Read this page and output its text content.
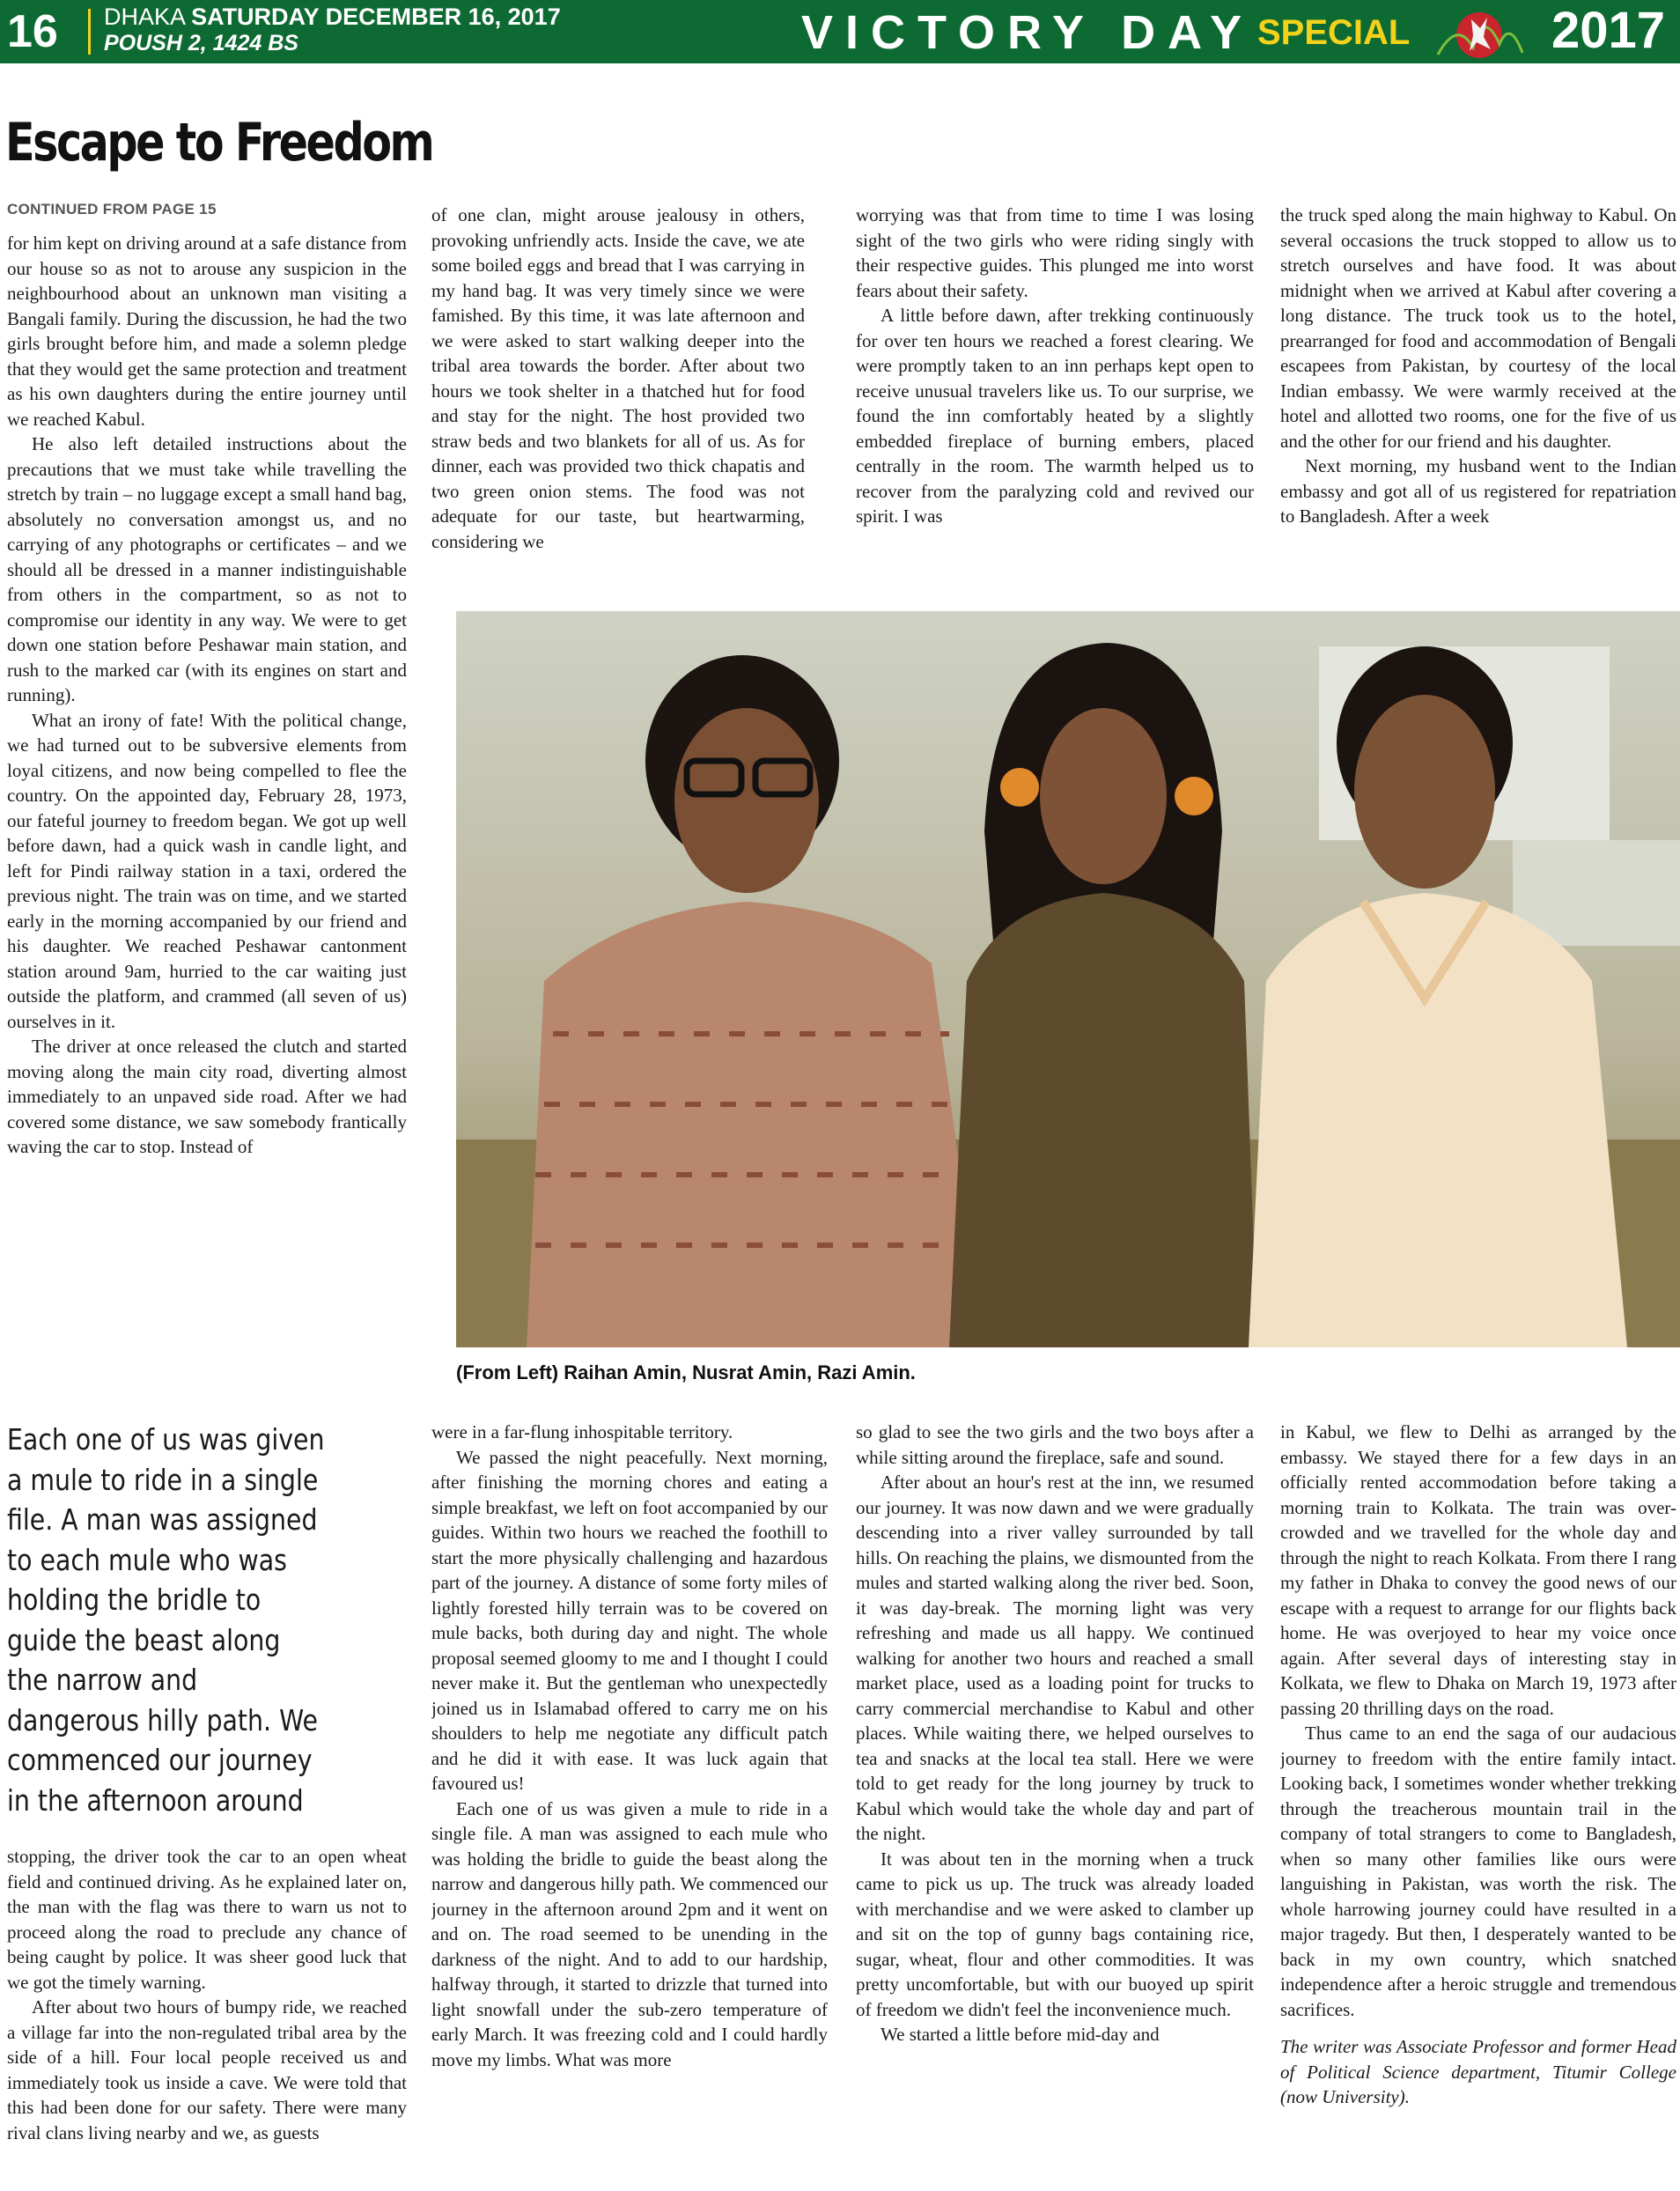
16 DHAKA SATURDAY DECEMBER 16, 2017
POUSH 2, 1424 BS	VICTORY DAY SPECIAL	2017
Escape to Freedom
CONTINUED FROM PAGE 15

for him kept on driving around at a safe distance from our house so as not to arouse any suspicion in the neighbourhood about an unknown man visiting a Bangali family. During the discussion, he had the two girls brought before him, and made a solemn pledge that they would get the same protection and treatment as his own daughters during the entire journey until we reached Kabul.

He also left detailed instructions about the precautions that we must take while travelling the stretch by train – no luggage except a small hand bag, absolutely no conversation amongst us, and no carrying of any photographs or certificates – and we should all be dressed in a manner indistinguishable from others in the compartment, so as not to compromise our identity in any way. We were to get down one station before Peshawar main station, and rush to the marked car (with its engines on start and running).

What an irony of fate! With the political change, we had turned out to be subversive elements from loyal citizens, and now being compelled to flee the country. On the appointed day, February 28, 1973, our fateful journey to freedom began. We got up well before dawn, had a quick wash in candle light, and left for Pindi railway station in a taxi, ordered the previous night. The train was on time, and we started early in the morning accompanied by our friend and his daughter. We reached Peshawar cantonment station around 9am, hurried to the car waiting just outside the platform, and crammed (all seven of us) ourselves in it.

The driver at once released the clutch and started moving along the main city road, diverting almost immediately to an unpaved side road. After we had covered some distance, we saw somebody frantically waving the car to stop. Instead of

of one clan, might arouse jealousy in others, provoking unfriendly acts. Inside the cave, we ate some boiled eggs and bread that I was carrying in my hand bag. It was very timely since we were famished. By this time, it was late afternoon and we were asked to start walking deeper into the tribal area towards the border. After about two hours we took shelter in a thatched hut for food and stay for the night. The host provided two straw beds and two blankets for all of us. As for dinner, each was provided two thick chapatis and two green onion stems. The food was not adequate for our taste, but heartwarming, considering we

worrying was that from time to time I was losing sight of the two girls who were riding singly with their respective guides. This plunged me into worst fears about their safety.

A little before dawn, after trekking continuously for over ten hours we reached a forest clearing. We were promptly taken to an inn perhaps kept open to receive unusual travelers like us. To our surprise, we found the inn comfortably heated by a slightly embedded fireplace of burning embers, placed centrally in the room. The warmth helped us to recover from the paralyzing cold and revived our spirit. I was

the truck sped along the main highway to Kabul. On several occasions the truck stopped to allow us to stretch ourselves and have food. It was about midnight when we arrived at Kabul after covering a long distance. The truck took us to the hotel, prearranged for food and accommodation of Bengali escapees from Pakistan, by courtesy of the local Indian embassy. We were warmly received at the hotel and allotted two rooms, one for the five of us and the other for our friend and his daughter.

Next morning, my husband went to the Indian embassy and got all of us registered for repatriation to Bangladesh. After a week

(From Left) Raihan Amin, Nusrat Amin, Razi Amin.

Each one of us was given a mule to ride in a single file. A man was assigned to each mule who was holding the bridle to guide the beast along the narrow and dangerous hilly path. We commenced our journey in the afternoon around

stopping, the driver took the car to an open wheat field and continued driving. As he explained later on, the man with the flag was there to warn us not to proceed along the road to preclude any chance of being caught by police. It was sheer good luck that we got the timely warning.

After about two hours of bumpy ride, we reached a village far into the non-regulated tribal area by the side of a hill. Four local people received us and immediately took us inside a cave. We were told that this had been done for our safety. There were many rival clans living nearby and we, as guests

were in a far-flung inhospitable territory.

We passed the night peacefully. Next morning, after finishing the morning chores and eating a simple breakfast, we left on foot accompanied by our guides. Within two hours we reached the foothill to start the more physically challenging and hazardous part of the journey. A distance of some forty miles of lightly forested hilly terrain was to be covered on mule backs, both during day and night. The whole proposal seemed gloomy to me and I thought I could never make it. But the gentleman who unexpectedly joined us in Islamabad offered to carry me on his shoulders to help me negotiate any difficult patch and he did it with ease. It was luck again that favoured us!

Each one of us was given a mule to ride in a single file. A man was assigned to each mule who was holding the bridle to guide the beast along the narrow and dangerous hilly path. We commenced our journey in the afternoon around 2pm and it went on and on. The road seemed to be unending in the darkness of the night. And to add to our hardship, halfway through, it started to drizzle that turned into light snowfall under the sub-zero temperature of early March. It was freezing cold and I could hardly move my limbs. What was more

so glad to see the two girls and the two boys after a while sitting around the fireplace, safe and sound.

After about an hour's rest at the inn, we resumed our journey. It was now dawn and we were gradually descending into a river valley surrounded by tall hills. On reaching the plains, we dismounted from the mules and started walking along the river bed. Soon, it was day-break. The morning light was very refreshing and made us all happy. We continued walking for another two hours and reached a small market place, used as a loading point for trucks to carry commercial merchandise to Kabul and other places. While waiting there, we helped ourselves to tea and snacks at the local tea stall. Here we were told to get ready for the long journey by truck to Kabul which would take the whole day and part of the night.

It was about ten in the morning when a truck came to pick us up. The truck was already loaded with merchandise and we were asked to clamber up and sit on the top of gunny bags containing rice, sugar, wheat, flour and other commodities. It was pretty uncomfortable, but with our buoyed up spirit of freedom we didn't feel the inconvenience much.

We started a little before mid-day and

in Kabul, we flew to Delhi as arranged by the embassy. We stayed there for a few days in an officially rented accommodation before taking a morning train to Kolkata. The train was over-crowded and we travelled for the whole day and through the night to reach Kolkata. From there I rang my father in Dhaka to convey the good news of our escape with a request to arrange for our flights back home. He was overjoyed to hear my voice once again. After several days of interesting stay in Kolkata, we flew to Dhaka on March 19, 1973 after passing 20 thrilling days on the road.

Thus came to an end the saga of our audacious journey to freedom with the entire family intact. Looking back, I sometimes wonder whether trekking through the treacherous mountain trail in the company of total strangers to come to Bangladesh, when so many other families like ours were languishing in Pakistan, was worth the risk. The whole harrowing journey could have resulted in a major tragedy. But then, I desperately wanted to be back in my own country, which snatched independence after a heroic struggle and tremendous sacrifices.

The writer was Associate Professor and former Head of Political Science department, Titumir College (now University).
